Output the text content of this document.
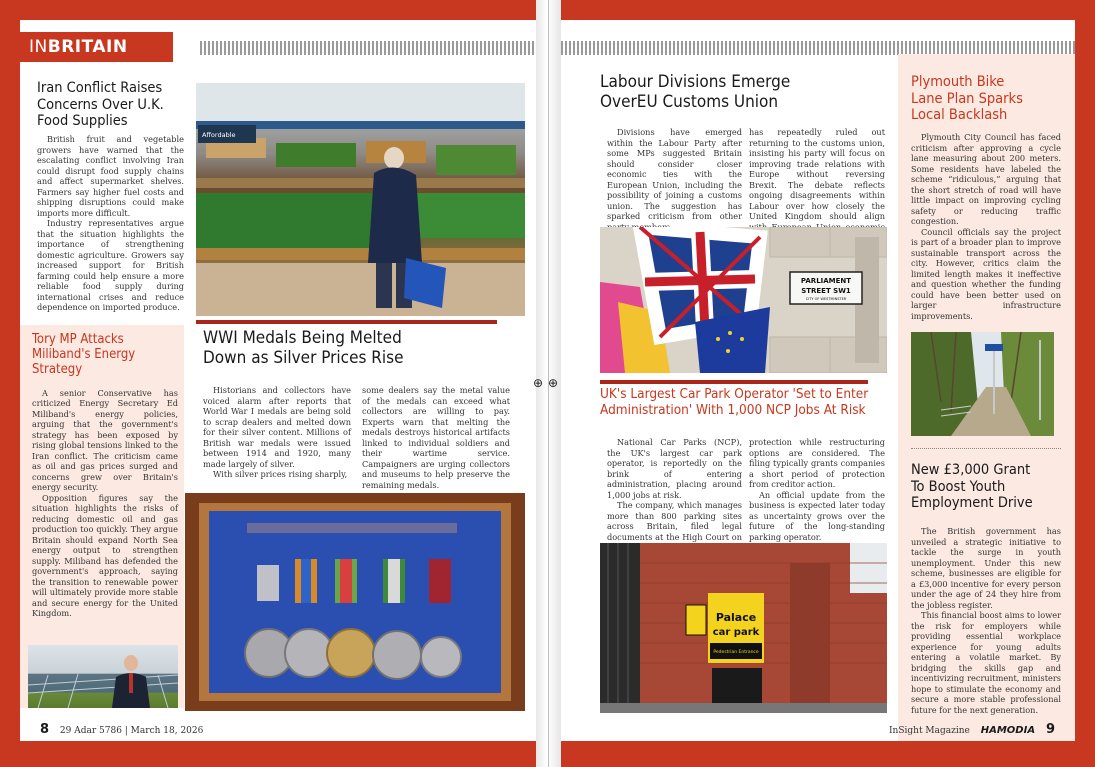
INBRITAIN
Iran Conflict Raises
Concerns Over U.K.
Food Supplies

British fruit and vegetable growers have warned that the escalating conflict involving Iran could disrupt food supply chains and affect supermarket shelves. Farmers say higher fuel costs and shipping disruptions could make imports more difficult.

Industry representatives argue that the situation highlights the importance of strengthening domestic agriculture. Growers say increased support for British farming could help ensure a more reliable food supply during international crises and reduce dependence on imported produce.

Affordable
Tory MP Attacks
Miliband's Energy
Strategy

A senior Conservative has criticized Energy Secretary Ed Miliband's energy policies, arguing that the government's strategy has been exposed by rising global tensions linked to the Iran conflict. The criticism came as oil and gas prices surged and concerns grew over Britain's energy security.

Opposition figures say the situation highlights the risks of reducing domestic oil and gas production too quickly. They argue Britain should expand North Sea energy output to strengthen supply. Miliband has defended the government's approach, saying the transition to renewable power will ultimately provide more stable and secure energy for the United Kingdom.

WWI Medals Being Melted
Down as Silver Prices Rise

Historians and collectors have voiced alarm after reports that World War I medals are being sold to scrap dealers and melted down for their silver content. Millions of British war medals were issued between 1914 and 1920, many made largely of silver.

With silver prices rising sharply,

some dealers say the metal value of the medals can exceed what collectors are willing to pay. Experts warn that melting the medals destroys historical artifacts linked to individual soldiers and their wartime service. Campaigners are urging collectors and museums to help preserve the remaining medals.

8 29 Adar 5786 | March 18, 2026
⊕ ⊕
Labour Divisions Emerge
OverEU Customs Union

Divisions have emerged within the Labour Party after some MPs suggested Britain should consider closer economic ties with the European Union, including the possibility of joining a customs union. The suggestion has sparked criticism from other

has repeatedly ruled out returning to the customs union, insisting his party will focus on improving trade relations with Europe without reversing Brexit. The debate reflects ongoing disagreements within Labour over how closely the United Kingdom should align

PARLIAMENT
STREET SW1
CITY OF WESTMINSTER
UK's Largest Car Park Operator 'Set to Enter
Administration' With 1,000 NCP Jobs At Risk

National Car Parks (NCP), the UK's largest car park operator, is reportedly on the brink of entering administration, placing around 1,000 jobs at risk.

The company, which manages more than 800 parking sites across Britain, filed legal documents at the High Court on

protection while restructuring options are considered. The filing typically grants companies a short period of protection from creditor action.

An official update from the business is expected later today as uncertainty grows over the future of the long-standing parking operator.

Palace
car park
Pedestrian Entrance
Plymouth Bike
Lane Plan Sparks
Local Backlash

Plymouth City Council has faced criticism after approving a cycle lane measuring about 200 meters. Some residents have labeled the scheme “ridiculous,” arguing that the short stretch of road will have little impact on improving cycling safety or reducing traffic congestion.

Council officials say the project is part of a broader plan to improve sustainable transport across the city. However, critics claim the limited length makes it ineffective and question whether the funding could have been better used on larger infrastructure improvements.

New £3,000 Grant
To Boost Youth
Employment Drive

The British government has unveiled a strategic initiative to tackle the surge in youth unemployment. Under this new scheme, businesses are eligible for a £3,000 incentive for every person under the age of 24 they hire from the jobless register.

This financial boost aims to lower the risk for employers while providing essential workplace experience for young adults entering a volatile market. By bridging the skills gap and incentivizing recruitment, ministers hope to stimulate the economy and secure a more stable professional future for the next generation.

InSight Magazine HAMODIA 9
